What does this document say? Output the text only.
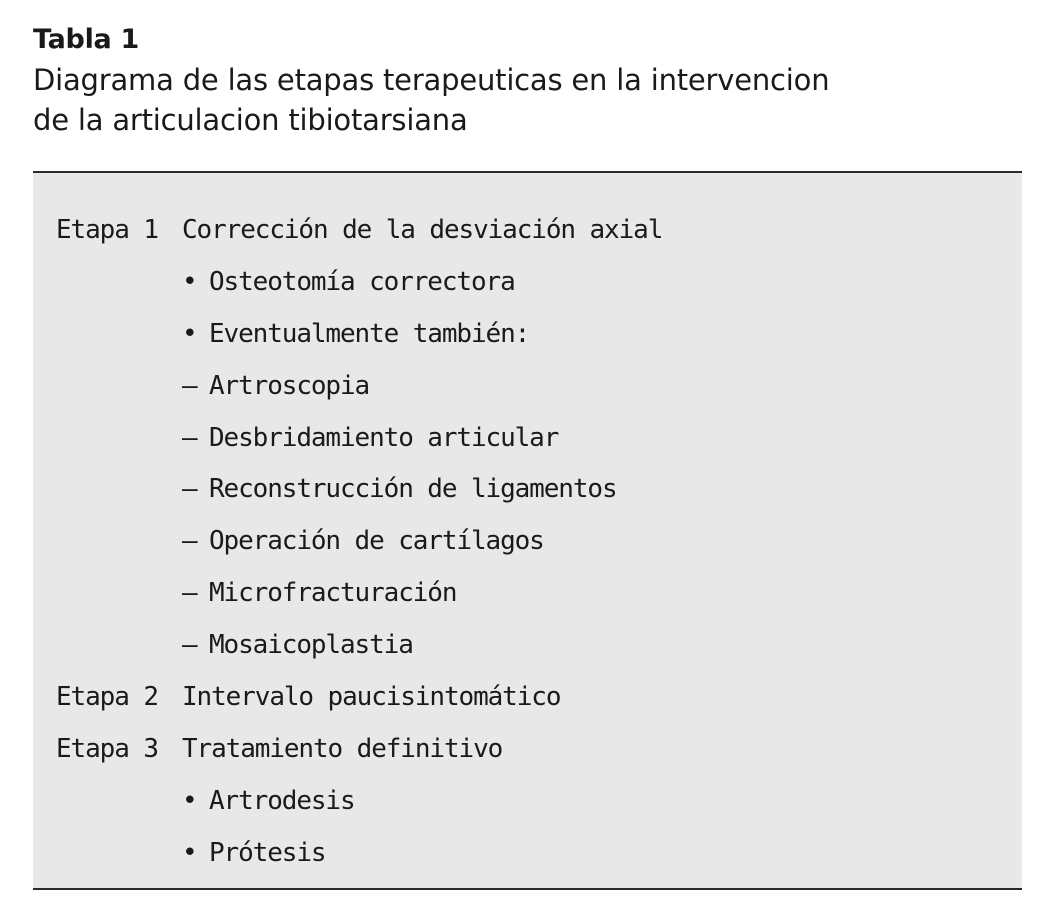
Tabla 1

Diagrama de las etapas terapeuticas en la intervencion
de la articulacion tibiotarsiana

Etapa 1 Corrección de la desviación axial
• Osteotomía correctora
• Eventualmente también:
– Artroscopia
– Desbridamiento articular
– Reconstrucción de ligamentos
– Operación de cartílagos
– Microfracturación
– Mosaicoplastia
Etapa 2 Intervalo paucisintomático
Etapa 3 Tratamiento definitivo
• Artrodesis
• Prótesis
